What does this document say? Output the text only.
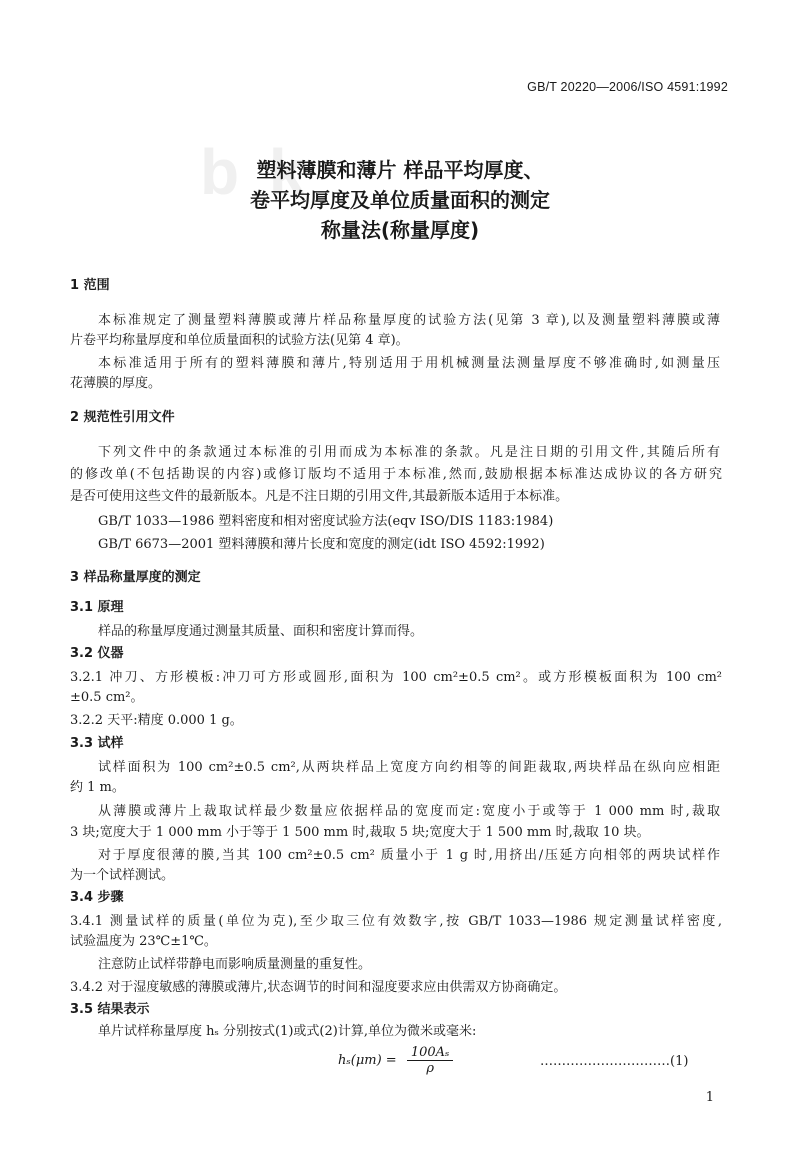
b k
GB/T 20220—2006/ISO 4591:1992
塑料薄膜和薄片 样品平均厚度、
卷平均厚度及单位质量面积的测定
称量法(称量厚度)
1 范围
本标准规定了测量塑料薄膜或薄片样品称量厚度的试验方法(见第 3 章),以及测量塑料薄膜或薄
片卷平均称量厚度和单位质量面积的试验方法(见第 4 章)。
本标准适用于所有的塑料薄膜和薄片,特别适用于用机械测量法测量厚度不够准确时,如测量压
花薄膜的厚度。
2 规范性引用文件
下列文件中的条款通过本标准的引用而成为本标准的条款。凡是注日期的引用文件,其随后所有
的修改单(不包括勘误的内容)或修订版均不适用于本标准,然而,鼓励根据本标准达成协议的各方研究
是否可使用这些文件的最新版本。凡是不注日期的引用文件,其最新版本适用于本标准。
GB/T 1033—1986 塑料密度和相对密度试验方法(eqv ISO/DIS 1183:1984)
GB/T 6673—2001 塑料薄膜和薄片长度和宽度的测定(idt ISO 4592:1992)
3 样品称量厚度的测定
3.1 原理
样品的称量厚度通过测量其质量、面积和密度计算而得。
3.2 仪器
3.2.1 冲刀、方形模板:冲刀可方形或圆形,面积为 100 cm²±0.5 cm²。或方形模板面积为 100 cm²
±0.5 cm²。
3.2.2 天平:精度 0.000 1 g。
3.3 试样
试样面积为 100 cm²±0.5 cm²,从两块样品上宽度方向约相等的间距裁取,两块样品在纵向应相距
约 1 m。
从薄膜或薄片上裁取试样最少数量应依据样品的宽度而定:宽度小于或等于 1 000 mm 时,裁取
3 块;宽度大于 1 000 mm 小于等于 1 500 mm 时,裁取 5 块;宽度大于 1 500 mm 时,裁取 10 块。
对于厚度很薄的膜,当其 100 cm²±0.5 cm² 质量小于 1 g 时,用挤出/压延方向相邻的两块试样作
为一个试样测试。
3.4 步骤
3.4.1 测量试样的质量(单位为克),至少取三位有效数字,按 GB/T 1033—1986 规定测量试样密度,
试验温度为 23℃±1℃。
注意防止试样带静电而影响质量测量的重复性。
3.4.2 对于湿度敏感的薄膜或薄片,状态调节的时间和湿度要求应由供需双方协商确定。
3.5 结果表示
单片试样称量厚度 hₛ 分别按式(1)或式(2)计算,单位为微米或毫米:
$h_s(\mu m) = \frac{\text{100Aₛ}}{\rho}$	…………………………(1)
1
